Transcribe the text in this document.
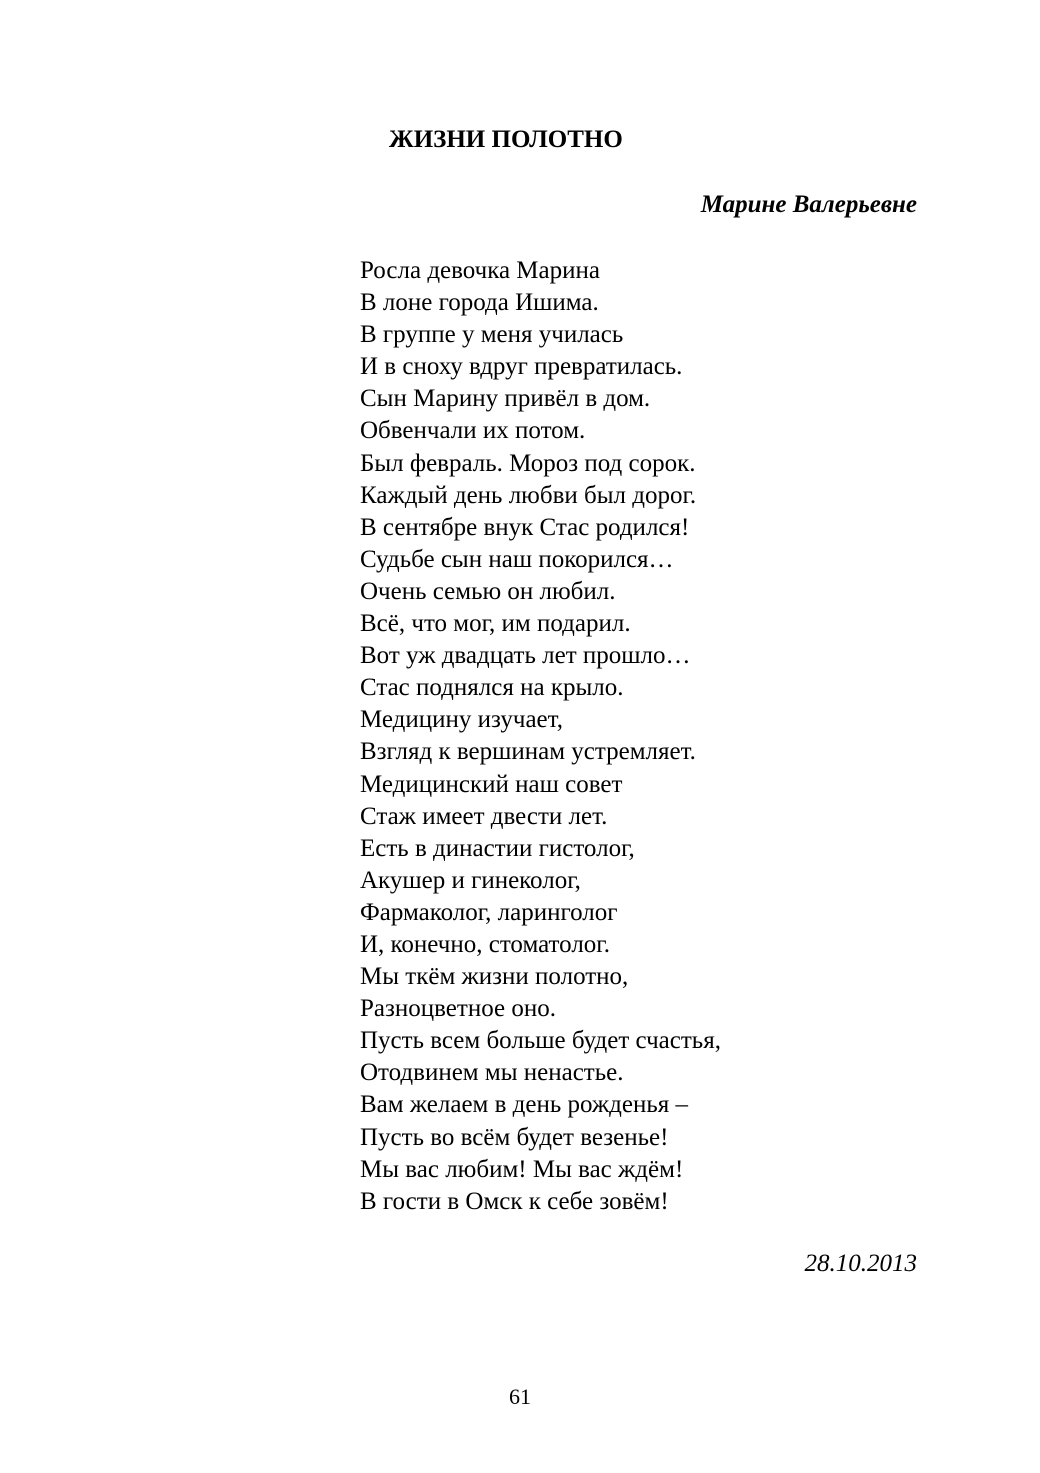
ЖИЗНИ ПОЛОТНО
Марине Валерьевне
Росла девочка Марина
В лоне города Ишима.
В группе у меня училась
И в сноху вдруг превратилась.
Сын Марину привёл в дом.
Обвенчали их потом.
Был февраль. Мороз под сорок.
Каждый день любви был дорог.
В сентябре внук Стас родился!
Судьбе сын наш покорился…
Очень семью он любил.
Всё, что мог, им подарил.
Вот уж двадцать лет прошло…
Стас поднялся на крыло.
Медицину изучает,
Взгляд к вершинам устремляет.
Медицинский наш совет
Стаж имеет двести лет.
Есть в династии гистолог,
Акушер и гинеколог,
Фармаколог, ларинголог
И, конечно, стоматолог.
Мы ткём жизни полотно,
Разноцветное оно.
Пусть всем больше будет счастья,
Отодвинем мы ненастье.
Вам желаем в день рожденья –
Пусть во всём будет везенье!
Мы вас любим! Мы вас ждём!
В гости в Омск к себе зовём!
28.10.2013
61
